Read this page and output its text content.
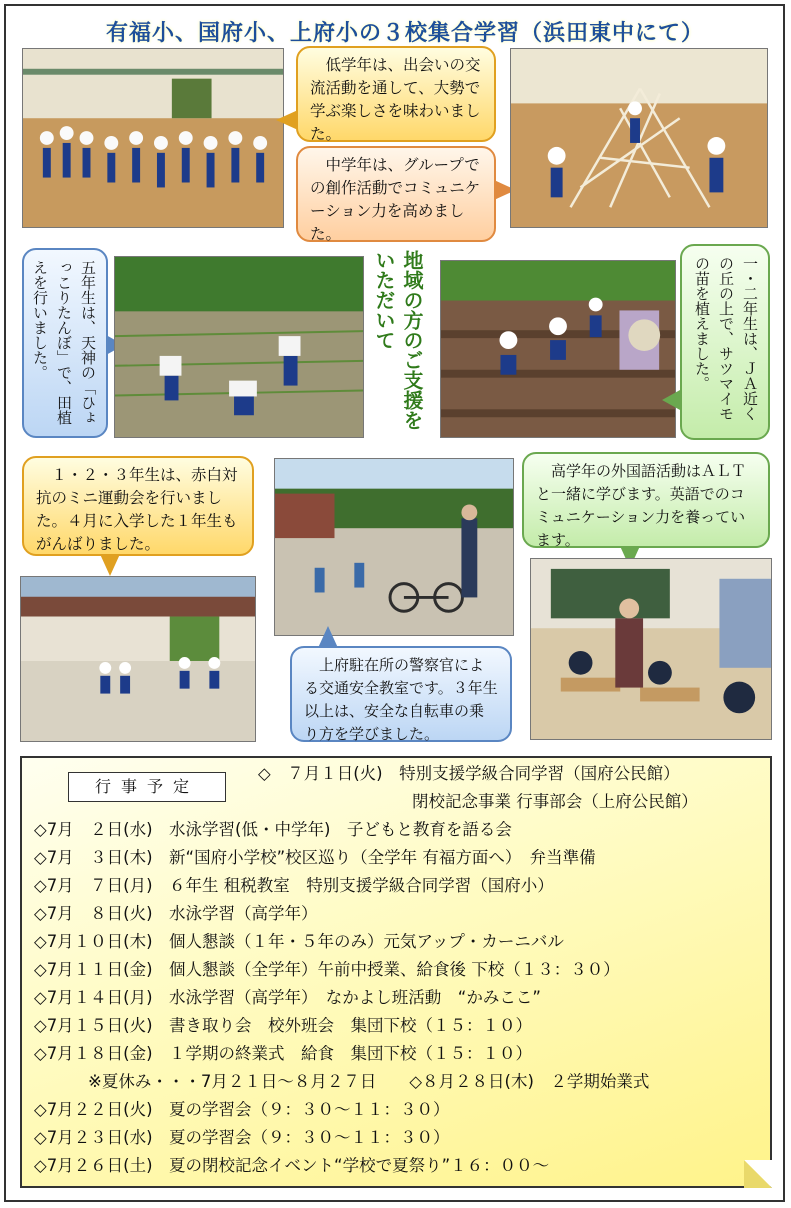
有福小、国府小、上府小の３校集合学習（浜田東中にて）
　低学年は、出会いの交流活動を通して、大勢で学ぶ楽しさを味わいました。
　中学年は、グループでの創作活動でコミュニケーション力を高めました。
五年生は、天神の「ひょっこりたんぼ」で、田植えを行いました。	地域の方のご支援をいただいて	一・二年生は、ＪＡ近くの丘の上で、サツマイモの苗を植えました。
　１・２・３年生は、赤白対抗のミニ運動会を行いました。４月に入学した１年生もがんばりました。
　上府駐在所の警察官による交通安全教室です。３年生以上は、安全な自転車の乗り方を学びました。
　高学年の外国語活動はＡＬＴと一緒に学びます。英語でのコミュニケーション力を養っています。
行事予定
◇　７月１日(火)　特別支援学級合同学習（国府公民館）
閉校記念事業 行事部会（上府公民館）
◇7月　２日(水)　水泳学習(低・中学年)　子どもと教育を語る会
◇7月　３日(木)　新“国府小学校”校区巡り（全学年 有福方面へ）　弁当準備
◇7月　７日(月)　６年生 租税教室　特別支援学級合同学習（国府小）
◇7月　８日(火)　水泳学習（高学年）
◇7月１０日(木)　個人懇談（１年・５年のみ）元気アップ・カーニバル
◇7月１１日(金)　個人懇談（全学年）午前中授業、給食後 下校（１３：３０）
◇7月１４日(月)　水泳学習（高学年）　なかよし班活動　“かみここ”
◇7月１５日(火)　書き取り会　校外班会　集団下校（１５：１０）
◇7月１８日(金)　１学期の終業式　給食　集団下校（１５：１０）
※夏休み・・・7月２１日～８月２７日　　◇８月２８日(木)　２学期始業式
◇7月２２日(火)　夏の学習会（９：３０～１１：３０）
◇7月２３日(水)　夏の学習会（９：３０～１１：３０）
◇7月２６日(土)　夏の閉校記念イベント“学校で夏祭り”１６：００～
